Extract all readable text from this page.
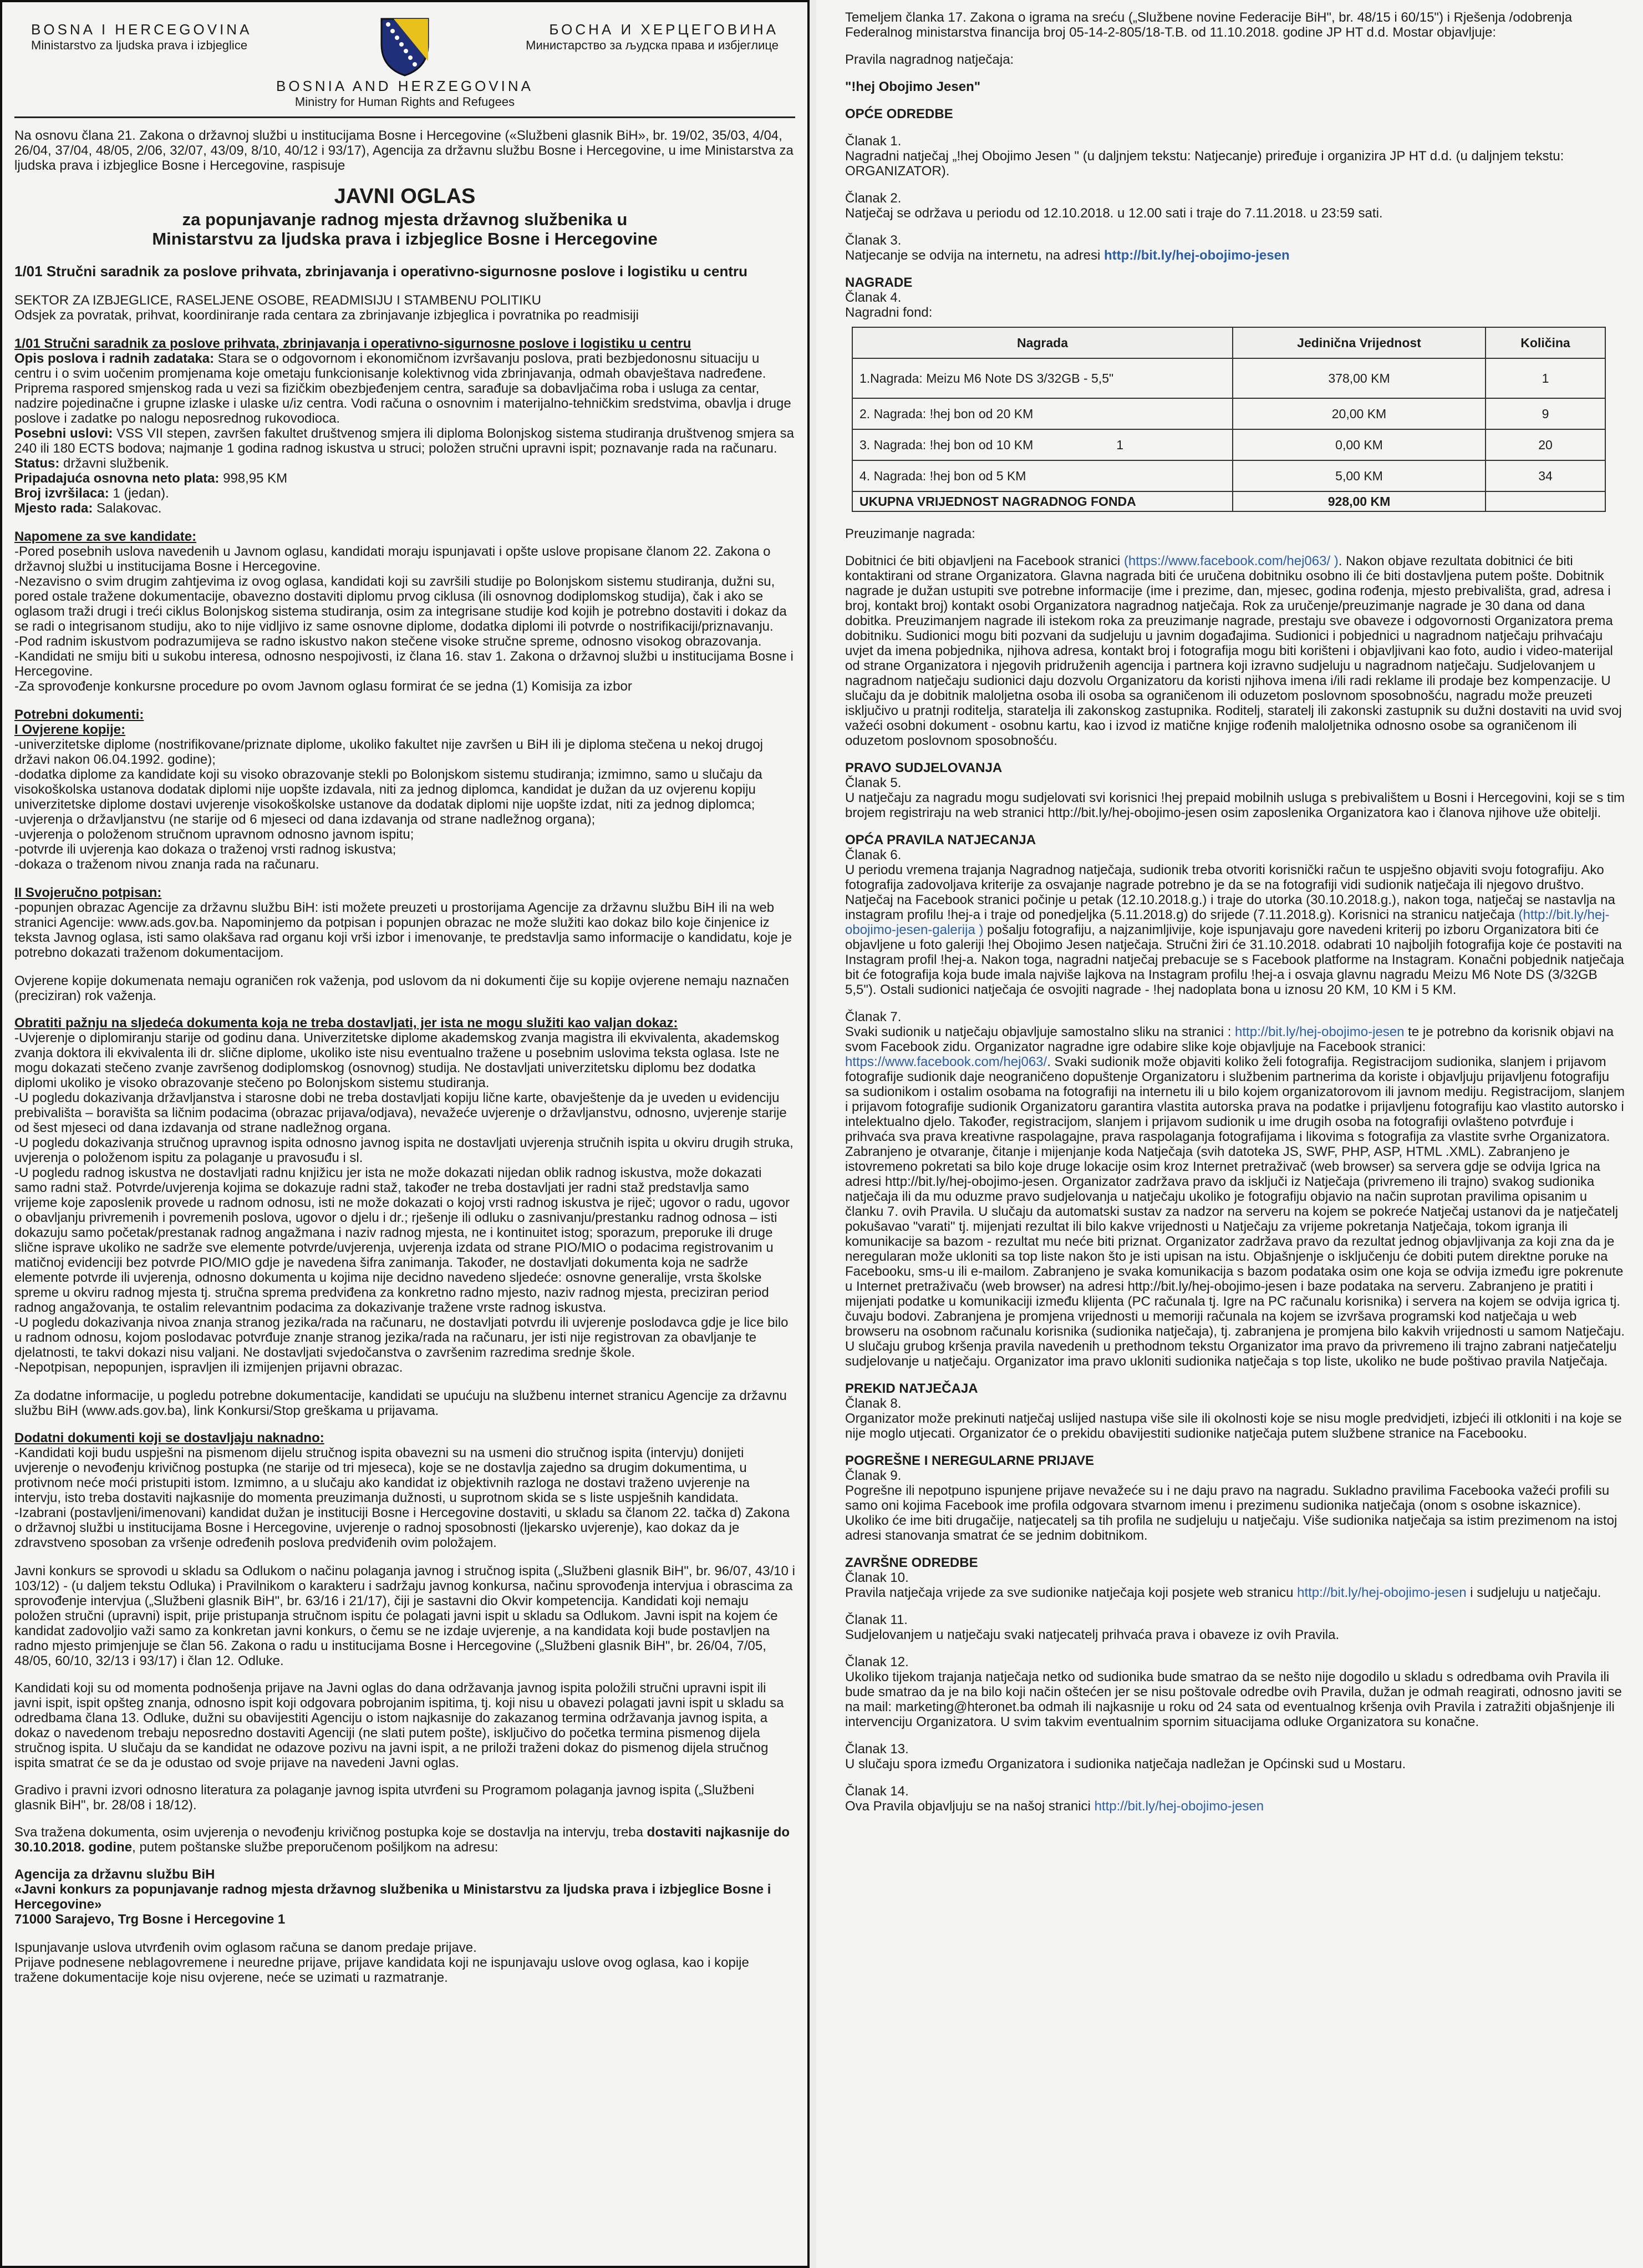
BOSNA I HERCEGOVINA
Ministarstvo za ljudska prava i izbjeglice
БОСНА И ХЕРЦЕГОВИНА
Министарство за људска права и избјеглице
BOSNIA AND HERZEGOVINA
Ministry for Human Rights and Refugees

Na osnovu člana 21. Zakona o državnoj službi u institucijama Bosne i Hercegovine («Službeni glasnik BiH», br. 19/02, 35/03, 4/04, 26/04, 37/04, 48/05, 2/06, 32/07, 43/09, 8/10, 40/12 i 93/17), Agencija za državnu službu Bosne i Hercegovine, u ime Ministarstva za ljudska prava i izbjeglice Bosne i Hercegovine, raspisuje

JAVNI OGLAS
za popunjavanje radnog mjesta državnog službenika u
Ministarstvu za ljudska prava i izbjeglice Bosne i Hercegovine
1/01 Stručni saradnik za poslove prihvata, zbrinjavanja i operativno-sigurnosne poslove i logistiku u centru
SEKTOR ZA IZBJEGLICE, RASELJENE OSOBE, READMISIJU I STAMBENU POLITIKU
Odsjek za povratak, prihvat, koordiniranje rada centara za zbrinjavanje izbjeglica i povratnika po readmisiji
1/01 Stručni saradnik za poslove prihvata, zbrinjavanja i operativno-sigurnosne poslove i logistiku u centru
Opis poslova i radnih zadataka: Stara se o odgovornom i ekonomičnom izvršavanju poslova, prati bezbjedonosnu situaciju u centru i o svim uočenim promjenama koje ometaju funkcionisanje kolektivnog vida zbrinjavanja, odmah obavještava nadređene. Priprema raspored smjenskog rada u vezi sa fizičkim obezbjeđenjem centra, sarađuje sa dobavljačima roba i usluga za centar, nadzire pojedinačne i grupne izlaske i ulaske u/iz centra. Vodi računa o osnovnim i materijalno-tehničkim sredstvima, obavlja i druge poslove i zadatke po nalogu neposrednog rukovodioca.
Posebni uslovi: VSS VII stepen, završen fakultet društvenog smjera ili diploma Bolonjskog sistema studiranja društvenog smjera sa 240 ili 180 ECTS bodova; najmanje 1 godina radnog iskustva u struci; položen stručni upravni ispit; poznavanje rada na računaru.
Status: državni službenik.
Pripadajuća osnovna neto plata: 998,95 KM
Broj izvršilaca: 1 (jedan).
Mjesto rada: Salakovac.
Napomene za sve kandidate:
-Pored posebnih uslova navedenih u Javnom oglasu, kandidati moraju ispunjavati i opšte uslove propisane članom 22. Zakona o državnoj službi u institucijama Bosne i Hercegovine.
-Nezavisno o svim drugim zahtjevima iz ovog oglasa, kandidati koji su završili studije po Bolonjskom sistemu studiranja, dužni su, pored ostale tražene dokumentacije, obavezno dostaviti diplomu prvog ciklusa (ili osnovnog dodiplomskog studija), čak i ako se oglasom traži drugi i treći ciklus Bolonjskog sistema studiranja, osim za integrisane studije kod kojih je potrebno dostaviti i dokaz da se radi o integrisanom studiju, ako to nije vidljivo iz same osnovne diplome, dodatka diplomi ili potvrde o nostrifikaciji/priznavanju.
-Pod radnim iskustvom podrazumijeva se radno iskustvo nakon stečene visoke stručne spreme, odnosno visokog obrazovanja.
-Kandidati ne smiju biti u sukobu interesa, odnosno nespojivosti, iz člana 16. stav 1. Zakona o državnoj službi u institucijama Bosne i Hercegovine.
-Za sprovođenje konkursne procedure po ovom Javnom oglasu formirat će se jedna (1) Komisija za izbor
Potrebni dokumenti:
I Ovjerene kopije:
-univerzitetske diplome (nostrifikovane/priznate diplome, ukoliko fakultet nije završen u BiH ili je diploma stečena u nekoj drugoj državi nakon 06.04.1992. godine);
-dodatka diplome za kandidate koji su visoko obrazovanje stekli po Bolonjskom sistemu studiranja; izmimno, samo u slučaju da visokoškolska ustanova dodatak diplomi nije uopšte izdavala, niti za jednog diplomca, kandidat je dužan da uz ovjerenu kopiju univerzitetske diplome dostavi uvjerenje visokoškolske ustanove da dodatak diplomi nije uopšte izdat, niti za jednog diplomca;
-uvjerenja o državljanstvu (ne starije od 6 mjeseci od dana izdavanja od strane nadležnog organa);
-uvjerenja o položenom stručnom upravnom odnosno javnom ispitu;
-potvrde ili uvjerenja kao dokaza o traženoj vrsti radnog iskustva;
-dokaza o traženom nivou znanja rada na računaru.
II Svojeručno potpisan:
-popunjen obrazac Agencije za državnu službu BiH: isti možete preuzeti u prostorijama Agencije za državnu službu BiH ili na web stranici Agencije: www.ads.gov.ba. Napominjemo da potpisan i popunjen obrazac ne može služiti kao dokaz bilo koje činjenice iz teksta Javnog oglasa, isti samo olakšava rad organu koji vrši izbor i imenovanje, te predstavlja samo informacije o kandidatu, koje je potrebno dokazati traženom dokumentacijom.

Ovjerene kopije dokumenata nemaju ograničen rok važenja, pod uslovom da ni dokumenti čije su kopije ovjerene nemaju naznačen (preciziran) rok važenja.

Obratiti pažnju na sljedeća dokumenta koja ne treba dostavljati, jer ista ne mogu služiti kao valjan dokaz:
-Uvjerenje o diplomiranju starije od godinu dana. Univerzitetske diplome akademskog zvanja magistra ili ekvivalenta, akademskog zvanja doktora ili ekvivalenta ili dr. slične diplome, ukoliko iste nisu eventualno tražene u posebnim uslovima teksta oglasa. Iste ne mogu dokazati stečeno zvanje završenog dodiplomskog (osnovnog) studija. Ne dostavljati univerzitetsku diplomu bez dodatka diplomi ukoliko je visoko obrazovanje stečeno po Bolonjskom sistemu studiranja.
-U pogledu dokazivanja državljanstva i starosne dobi ne treba dostavljati kopiju lične karte, obavještenje da je uveden u evidenciju prebivališta – boravišta sa ličnim podacima (obrazac prijava/odjava), nevažeće uvjerenje o državljanstvu, odnosno, uvjerenje starije od šest mjeseci od dana izdavanja od strane nadležnog organa.
-U pogledu dokazivanja stručnog upravnog ispita odnosno javnog ispita ne dostavljati uvjerenja stručnih ispita u okviru drugih struka, uvjerenja o položenom ispitu za polaganje u pravosuđu i sl.
-U pogledu radnog iskustva ne dostavljati radnu knjižicu jer ista ne može dokazati nijedan oblik radnog iskustva, može dokazati samo radni staž. Potvrde/uvjerenja kojima se dokazuje radni staž, također ne treba dostavljati jer radni staž predstavlja samo vrijeme koje zaposlenik provede u radnom odnosu, isti ne može dokazati o kojoj vrsti radnog iskustva je riječ; ugovor o radu, ugovor o obavljanju privremenih i povremenih poslova, ugovor o djelu i dr.; rješenje ili odluku o zasnivanju/prestanku radnog odnosa – isti dokazuju samo početak/prestanak radnog angažmana i naziv radnog mjesta, ne i kontinuitet istog; sporazum, preporuke ili druge slične isprave ukoliko ne sadrže sve elemente potvrde/uvjerenja, uvjerenja izdata od strane PIO/MIO o podacima registrovanim u matičnoj evidenciji bez potvrde PIO/MIO gdje je navedena šifra zanimanja. Također, ne dostavljati dokumenta koja ne sadrže elemente potvrde ili uvjerenja, odnosno dokumenta u kojima nije decidno navedeno sljedeće: osnovne generalije, vrsta školske spreme u okviru radnog mjesta tj. stručna sprema predviđena za konkretno radno mjesto, naziv radnog mjesta, preciziran period radnog angažovanja, te ostalim relevantnim podacima za dokazivanje tražene vrste radnog iskustva.
-U pogledu dokazivanja nivoa znanja stranog jezika/rada na računaru, ne dostavljati potvrdu ili uvjerenje poslodavca gdje je lice bilo u radnom odnosu, kojom poslodavac potvrđuje znanje stranog jezika/rada na računaru, jer isti nije registrovan za obavljanje te djelatnosti, te takvi dokazi nisu valjani. Ne dostavljati svjedočanstva o završenim razredima srednje škole.
-Nepotpisan, nepopunjen, ispravljen ili izmijenjen prijavni obrazac.

Za dodatne informacije, u pogledu potrebne dokumentacije, kandidati se upućuju na službenu internet stranicu Agencije za državnu službu BiH (www.ads.gov.ba), link Konkursi/Stop greškama u prijavama.

Dodatni dokumenti koji se dostavljaju naknadno:
-Kandidati koji budu uspješni na pismenom dijelu stručnog ispita obavezni su na usmeni dio stručnog ispita (intervju) donijeti uvjerenje o nevođenju krivičnog postupka (ne starije od tri mjeseca), koje se ne dostavlja zajedno sa drugim dokumentima, u protivnom neće moći pristupiti istom. Izmimno, a u slučaju ako kandidat iz objektivnih razloga ne dostavi traženo uvjerenje na intervju, isto treba dostaviti najkasnije do momenta preuzimanja dužnosti, u suprotnom skida se s liste uspješnih kandidata.
-Izabrani (postavljeni/imenovani) kandidat dužan je instituciji Bosne i Hercegovine dostaviti, u skladu sa članom 22. tačka d) Zakona o državnoj službi u institucijama Bosne i Hercegovine, uvjerenje o radnoj sposobnosti (ljekarsko uvjerenje), kao dokaz da je zdravstveno sposoban za vršenje određenih poslova predviđenih ovim položajem.

Javni konkurs se sprovodi u skladu sa Odlukom o načinu polaganja javnog i stručnog ispita („Službeni glasnik BiH", br. 96/07, 43/10 i 103/12) - (u daljem tekstu Odluka) i Pravilnikom o karakteru i sadržaju javnog konkursa, načinu sprovođenja intervjua i obrascima za sprovođenje intervjua („Službeni glasnik BiH", br. 63/16 i 21/17), čiji je sastavni dio Okvir kompetencija. Kandidati koji nemaju položen stručni (upravni) ispit, prije pristupanja stručnom ispitu će polagati javni ispit u skladu sa Odlukom. Javni ispit na kojem će kandidat zadovoljio važi samo za konkretan javni konkurs, o čemu se ne izdaje uvjerenje, a na kandidata koji bude postavljen na radno mjesto primjenjuje se član 56. Zakona o radu u institucijama Bosne i Hercegovine („Službeni glasnik BiH", br. 26/04, 7/05, 48/05, 60/10, 32/13 i 93/17) i član 12. Odluke.

Kandidati koji su od momenta podnošenja prijave na Javni oglas do dana održavanja javnog ispita položili stručni upravni ispit ili javni ispit, ispit opšteg znanja, odnosno ispit koji odgovara pobrojanim ispitima, tj. koji nisu u obavezi polagati javni ispit u skladu sa odredbama člana 13. Odluke, dužni su obavijestiti Agenciju o istom najkasnije do zakazanog termina održavanja javnog ispita, a dokaz o navedenom trebaju neposredno dostaviti Agenciji (ne slati putem pošte), isključivo do početka termina pismenog dijela stručnog ispita. U slučaju da se kandidat ne odazove pozivu na javni ispit, a ne priloži traženi dokaz do pismenog dijela stručnog ispita smatrat će se da je odustao od svoje prijave na navedeni Javni oglas.

Gradivo i pravni izvori odnosno literatura za polaganje javnog ispita utvrđeni su Programom polaganja javnog ispita („Službeni glasnik BiH", br. 28/08 i 18/12).

Sva tražena dokumenta, osim uvjerenja o nevođenju krivičnog postupka koje se dostavlja na intervju, treba dostaviti najkasnije do 30.10.2018. godine, putem poštanske službe preporučenom pošiljkom na adresu:

Agencija za državnu službu BiH
«Javni konkurs za popunjavanje radnog mjesta državnog službenika u Ministarstvu za ljudska prava i izbjeglice Bosne i Hercegovine»
71000 Sarajevo, Trg Bosne i Hercegovine 1
Ispunjavanje uslova utvrđenih ovim oglasom računa se danom predaje prijave.
Prijave podnesene neblagovremene i neuredne prijave, prijave kandidata koji ne ispunjavaju uslove ovog oglasa, kao i kopije tražene dokumentacije koje nisu ovjerene, neće se uzimati u razmatranje.

Temeljem članka 17. Zakona o igrama na sreću („Službene novine Federacije BiH", br. 48/15 i 60/15") i Rješenja /odobrenja Federalnog ministarstva financija broj 05-14-2-805/18-T.B. od 11.10.2018. godine JP HT d.d. Mostar objavljuje:

Pravila nagradnog natječaja:

"!hej Obojimo Jesen"

OPĆE ODREDBE

Članak 1.
Nagradni natječaj „!hej Obojimo Jesen " (u daljnjem tekstu: Natjecanje) priređuje i organizira JP HT d.d. (u daljnjem tekstu: ORGANIZATOR).

Članak 2.
Natječaj se održava u periodu od 12.10.2018. u 12.00 sati i traje do 7.11.2018. u 23:59 sati.

Članak 3.
Natjecanje se odvija na internetu, na adresi http://bit.ly/hej-obojimo-jesen

NAGRADE
Članak 4.
Nagradni fond:
Nagrada	Jedinična Vrijednost	Količina
1.Nagrada: Meizu M6 Note DS 3/32GB - 5,5"	378,00 KM	1
2. Nagrada: !hej bon od 20 KM	20,00 KM	9
3. Nagrada: !hej bon od 10 KM 1	0,00 KM	20
4. Nagrada: !hej bon od 5 KM	5,00 KM	34
UKUPNA VRIJEDNOST NAGRADNOG FONDA	928,00 KM	

Preuzimanje nagrada:

Dobitnici će biti objavljeni na Facebook stranici (https://www.facebook.com/hej063/ ). Nakon objave rezultata dobitnici će biti kontaktirani od strane Organizatora. Glavna nagrada biti će uručena dobitniku osobno ili će biti dostavljena putem pošte. Dobitnik nagrade je dužan ustupiti sve potrebne informacije (ime i prezime, dan, mjesec, godina rođenja, mjesto prebivališta, grad, adresa i broj, kontakt broj) kontakt osobi Organizatora nagradnog natječaja. Rok za uručenje/preuzimanje nagrade je 30 dana od dana dobitka. Preuzimanjem nagrade ili istekom roka za preuzimanje nagrade, prestaju sve obaveze i odgovornosti Organizatora prema dobitniku. Sudionici mogu biti pozvani da sudjeluju u javnim događajima. Sudionici i pobjednici u nagradnom natječaju prihvaćaju uvjet da imena pobjednika, njihova adresa, kontakt broj i fotografija mogu biti korišteni i objavljivani kao foto, audio i video-materijal od strane Organizatora i njegovih pridruženih agencija i partnera koji izravno sudjeluju u nagradnom natječaju. Sudjelovanjem u nagradnom natječaju sudionici daju dozvolu Organizatoru da koristi njihova imena i/ili radi reklame ili prodaje bez kompenzacije. U slučaju da je dobitnik maloljetna osoba ili osoba sa ograničenom ili oduzetom poslovnom sposobnošću, nagradu može preuzeti isključivo u pratnji roditelja, staratelja ili zakonskog zastupnika. Roditelj, staratelj ili zakonski zastupnik su dužni dostaviti na uvid svoj važeći osobni dokument - osobnu kartu, kao i izvod iz matične knjige rođenih maloljetnika odnosno osobe sa ograničenom ili oduzetom poslovnom sposobnošću.

PRAVO SUDJELOVANJA
Članak 5.
U natječaju za nagradu mogu sudjelovati svi korisnici !hej prepaid mobilnih usluga s prebivalištem u Bosni i Hercegovini, koji se s tim brojem registriraju na web stranici http://bit.ly/hej-obojimo-jesen osim zaposlenika Organizatora kao i članova njihove uže obitelji.

OPĆA PRAVILA NATJECANJA
Članak 6.
U periodu vremena trajanja Nagradnog natječaja, sudionik treba otvoriti korisnički račun te uspješno objaviti svoju fotografiju. Ako fotografija zadovoljava kriterije za osvajanje nagrade potrebno je da se na fotografiji vidi sudionik natječaja ili njegovo društvo. Natječaj na Facebook stranici počinje u petak (12.10.2018.g.) i traje do utorka (30.10.2018.g.), nakon toga, natječaj se nastavlja na instagram profilu !hej-a i traje od ponedjeljka (5.11.2018.g) do srijede (7.11.2018.g). Korisnici na stranicu natječaja (http://bit.ly/hej-obojimo-jesen-galerija ) pošalju fotografiju, a najzanimljivije, koje ispunjavaju gore navedeni kriterij po izboru Organizatora biti će objavljene u foto galeriji !hej Obojimo Jesen natječaja. Stručni žiri će 31.10.2018. odabrati 10 najboljih fotografija koje će postaviti na Instagram profil !hej-a. Nakon toga, nagradni natječaj prebacuje se s Facebook platforme na Instagram. Konačni pobjednik natječaja bit će fotografija koja bude imala najviše lajkova na Instagram profilu !hej-a i osvaja glavnu nagradu Meizu M6 Note DS (3/32GB 5,5"). Ostali sudionici natječaja će osvojiti nagrade - !hej nadoplata bona u iznosu 20 KM, 10 KM i 5 KM.

Članak 7.
Svaki sudionik u natječaju objavljuje samostalno sliku na stranici : http://bit.ly/hej-obojimo-jesen te je potrebno da korisnik objavi na svom Facebook zidu. Organizator nagradne igre odabire slike koje objavljuje na Facebook stranici: https://www.facebook.com/hej063/. Svaki sudionik može objaviti koliko želi fotografija. Registracijom sudionika, slanjem i prijavom fotografije sudionik daje neograničeno dopuštenje Organizatoru i službenim partnerima da koriste i objavljuju prijavljenu fotografiju sa sudionikom i ostalim osobama na fotografiji na internetu ili u bilo kojem organizatorovom ili javnom mediju. Registracijom, slanjem i prijavom fotografije sudionik Organizatoru garantira vlastita autorska prava na podatke i prijavljenu fotografiju kao vlastito autorsko i intelektualno djelo. Također, registracijom, slanjem i prijavom sudionik u ime drugih osoba na fotografiji ovlašteno potvrđuje i prihvaća sva prava kreativne raspolagajne, prava raspolaganja fotografijama i likovima s fotografija za vlastite svrhe Organizatora. Zabranjeno je otvaranje, čitanje i mijenjanje koda Natječaja (svih datoteka JS, SWF, PHP, ASP, HTML .XML). Zabranjeno je istovremeno pokretati sa bilo koje druge lokacije osim kroz Internet pretraživač (web browser) sa servera gdje se odvija Igrica na adresi http://bit.ly/hej-obojimo-jesen. Organizator zadržava pravo da isključi iz Natječaja (privremeno ili trajno) svakog sudionika natječaja ili da mu oduzme pravo sudjelovanja u natječaju ukoliko je fotografiju objavio na način suprotan pravilima opisanim u članku 7. ovih Pravila. U slučaju da automatski sustav za nadzor na serveru na kojem se pokreće Natječaj ustanovi da je natječatelj pokušavao "varati" tj. mijenjati rezultat ili bilo kakve vrijednosti u Natječaju za vrijeme pokretanja Natječaja, tokom igranja ili komunikacije sa bazom - rezultat mu neće biti priznat. Organizator zadržava pravo da rezultat jednog objavljivanja za koji zna da je neregularan može ukloniti sa top liste nakon što je isti upisan na istu. Objašnjenje o isključenju će dobiti putem direktne poruke na Facebooku, sms-u ili e-mailom. Zabranjeno je svaka komunikacija s bazom podataka osim one koja se odvija između igre pokrenute u Internet pretraživaču (web browser) na adresi http://bit.ly/hej-obojimo-jesen i baze podataka na serveru. Zabranjeno je pratiti i mijenjati podatke u komunikaciji između klijenta (PC računala tj. Igre na PC računalu korisnika) i servera na kojem se odvija igrica tj. čuvaju bodovi. Zabranjena je promjena vrijednosti u memoriji računala na kojem se izvršava programski kod natječaja u web browseru na osobnom računalu korisnika (sudionika natječaja), tj. zabranjena je promjena bilo kakvih vrijednosti u samom Natječaju. U slučaju grubog kršenja pravila navedenih u prethodnom tekstu Organizator ima pravo da privremeno ili trajno zabrani natječatelju sudjelovanje u natječaju. Organizator ima pravo ukloniti sudionika natječaja s top liste, ukoliko ne bude poštivao pravila Natječaja.

PREKID NATJEČAJA
Članak 8.
Organizator može prekinuti natječaj uslijed nastupa više sile ili okolnosti koje se nisu mogle predvidjeti, izbjeći ili otkloniti i na koje se nije moglo utjecati. Organizator će o prekidu obavijestiti sudionike natječaja putem službene stranice na Facebooku.

POGREŠNE I NEREGULARNE PRIJAVE
Članak 9.
Pogrešne ili nepotpuno ispunjene prijave nevažeće su i ne daju pravo na nagradu. Sukladno pravilima Facebooka važeći profili su samo oni kojima Facebook ime profila odgovara stvarnom imenu i prezimenu sudionika natječaja (onom s osobne iskaznice). Ukoliko će ime biti drugačije, natjecatelj sa tih profila ne sudjeluju u natječaju. Više sudionika natječaja sa istim prezimenom na istoj adresi stanovanja smatrat će se jednim dobitnikom.

ZAVRŠNE ODREDBE
Članak 10.
Pravila natječaja vrijede za sve sudionike natječaja koji posjete web stranicu http://bit.ly/hej-obojimo-jesen i sudjeluju u natječaju.

Članak 11.
Sudjelovanjem u natječaju svaki natjecatelj prihvaća prava i obaveze iz ovih Pravila.

Članak 12.
Ukoliko tijekom trajanja natječaja netko od sudionika bude smatrao da se nešto nije dogodilo u skladu s odredbama ovih Pravila ili bude smatrao da je na bilo koji način oštećen jer se nisu poštovale odredbe ovih Pravila, dužan je odmah reagirati, odnosno javiti se na mail: marketing@hteronet.ba odmah ili najkasnije u roku od 24 sata od eventualnog kršenja ovih Pravila i zatražiti objašnjenje ili intervenciju Organizatora. U svim takvim eventualnim spornim situacijama odluke Organizatora su konačne.

Članak 13.
U slučaju spora između Organizatora i sudionika natječaja nadležan je Općinski sud u Mostaru.

Članak 14.
Ova Pravila objavljuju se na našoj stranici http://bit.ly/hej-obojimo-jesen
